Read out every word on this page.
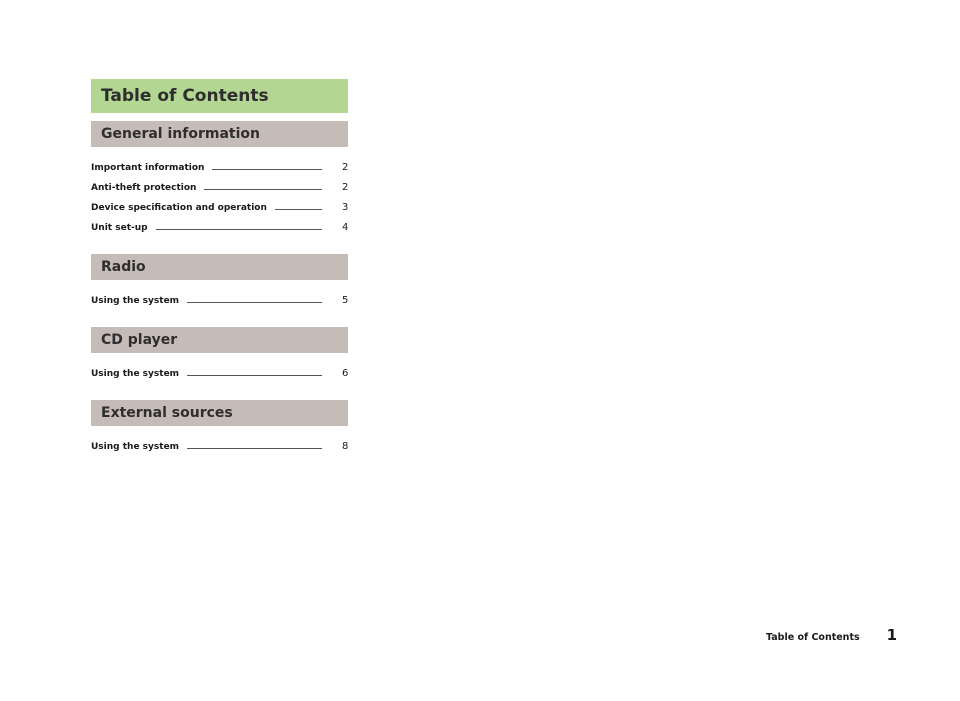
Table of Contents
General information
Important information	2
Anti-theft protection	2
Device specification and operation	3
Unit set-up	4
Radio
Using the system	5
CD player
Using the system	6
External sources
Using the system	8
Table of Contents 1
